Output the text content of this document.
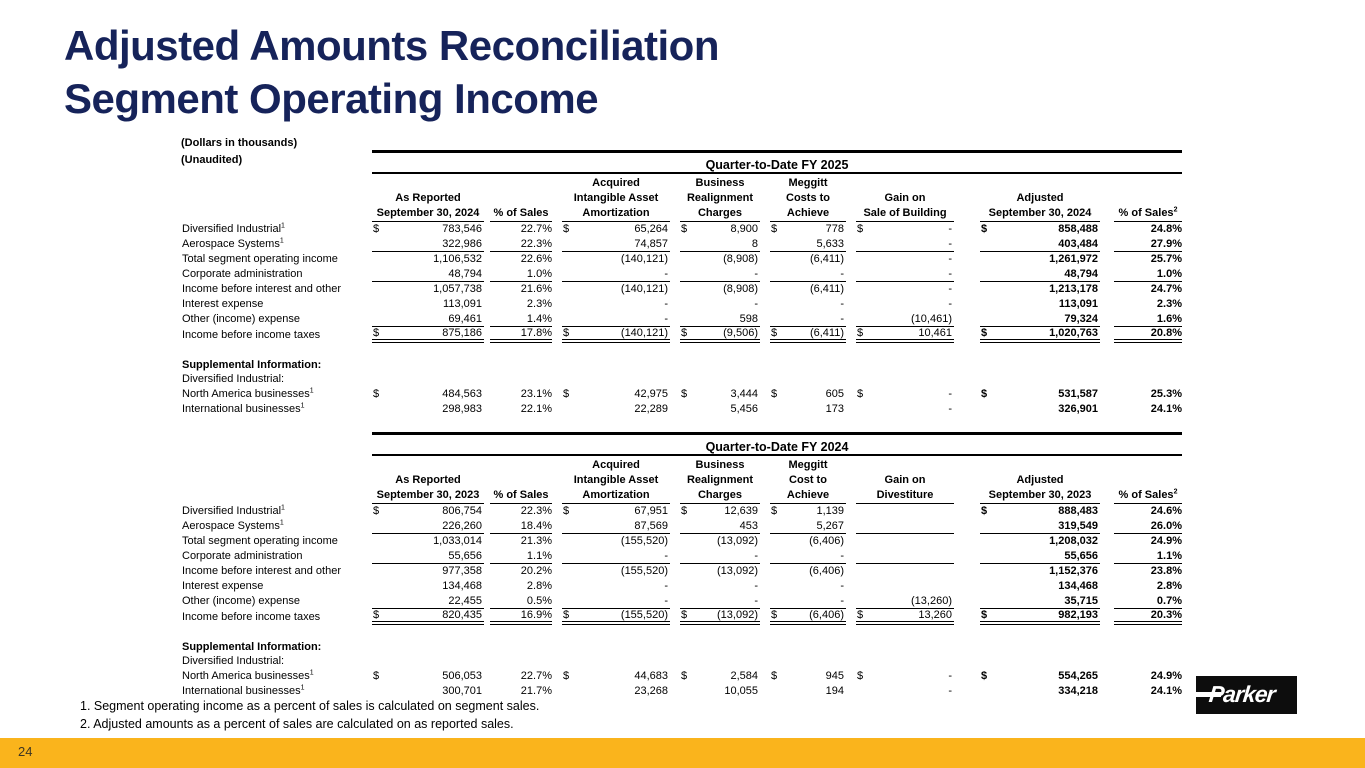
Adjusted Amounts Reconciliation
Segment Operating Income
(Dollars in thousands)
(Unaudited)
		Quarter-to-Date FY 2025														

As Reported
September 30, 2024		% of Sales

Acquired
Intangible Asset
Amortization

Business
Realignment
Charges

Meggitt
Costs to
Achieve

Gain on
Sale of Building

Adjusted
September 30, 2024		% of Sales$^2$

Diversified Industrial$^1$	$ 783,546		22.7%		$ 65,264		$ 8,900		$ 778		$ -		$ 858,488		24.8%
Aerospace Systems$^1$	322,986		22.3%		74,857		8		5,633		-		403,484		27.9%
Total segment operating income	1,106,532		22.6%		(140,121)		(8,908)		(6,411)		-		1,261,972		25.7%
Corporate administration	48,794		1.0%		-		-		-		-		48,794		1.0%
Income before interest and other	1,057,738		21.6%		(140,121)		(8,908)		(6,411)		-		1,213,178		24.7%
Interest expense	113,091		2.3%		-		-		-		-		113,091		2.3%
Other (income) expense	69,461		1.4%		-		598		-		(10,461)		79,324		1.6%
Income before income taxes	$ 875,186		17.8%		$ (140,121)		$ (9,506)		$ (6,411)		$ 10,461		$ 1,020,763		20.8%

Supplemental Information:															
Diversified Industrial:															
North America businesses$^1$	$ 484,563		23.1%		$ 42,975		$ 3,444		$ 605		$ -		$ 531,587		25.3%
International businesses$^1$	298,983		22.1%		22,289		5,456		173		-		326,901		24.1%
	Quarter-to-Date FY 2024														

As Reported
September 30, 2023		% of Sales

Acquired
Intangible Asset
Amortization

Business
Realignment
Charges

Meggitt
Cost to
Achieve

Gain on
Divestiture

Adjusted
September 30, 2023		% of Sales$^2$

Diversified Industrial$^1$	$ 806,754		22.3%		$ 67,951		$ 12,639		$ 1,139				$ 888,483		24.6%
Aerospace Systems$^1$	226,260		18.4%		87,569		453		5,267				319,549		26.0%
Total segment operating income	1,033,014		21.3%		(155,520)		(13,092)		(6,406)				1,208,032		24.9%
Corporate administration	55,656		1.1%		-		-		-				55,656		1.1%
Income before interest and other	977,358		20.2%		(155,520)		(13,092)		(6,406)				1,152,376		23.8%
Interest expense	134,468		2.8%		-		-		-				134,468		2.8%
Other (income) expense	22,455		0.5%		-		-		-		(13,260)		35,715		0.7%
Income before income taxes	$ 820,435		16.9%		$ (155,520)		$ (13,092)		$ (6,406)		$ 13,260		$ 982,193		20.3%

Supplemental Information:															
Diversified Industrial:															
North America businesses$^1$	$ 506,053		22.7%		$ 44,683		$ 2,584		$ 945		$ -		$ 554,265		24.9%
International businesses$^1$	300,701		21.7%		23,268		10,055		194		-		334,218		24.1%
1. Segment operating income as a percent of sales is calculated on segment sales.
2. Adjusted amounts as a percent of sales are calculated on as reported sales.
Parker
24
